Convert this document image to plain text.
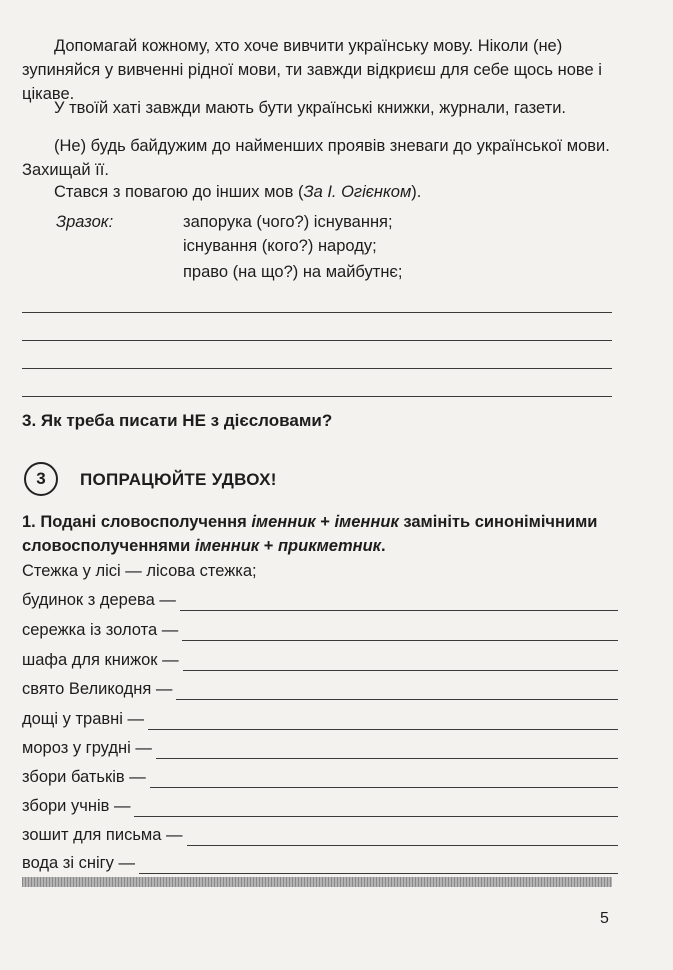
Допомагай кожному, хто хоче вивчити українську мову. Ніколи (не) зупиняйся у вивченні рідної мови, ти завжди відкриєш для себе щось нове і цікаве.

У твоїй хаті завжди мають бути українські книжки, журнали, газети.

(Не) будь байдужим до найменших проявів зневаги до української мови. Захищай її.

Стався з повагою до інших мов (За І. Огієнком).

Зразок:	запорука (чого?) існування;
існування (кого?) народу;
право (на що?) на майбутнє;
3. Як треба писати НЕ з дієсловами?
3	ПОПРАЦЮЙТЕ УДВОХ!

1. Подані словосполучення іменник + іменник замініть синонімічними словосполученнями іменник + прикметник.

Стежка у лісі — лісова стежка;
будинок з дерева —
сережка із золота —
шафа для книжок —
свято Великодня —
дощі у травні —
мороз у грудні —
збори батьків —
збори учнів —
зошит для письма —
вода зі снігу —
5
